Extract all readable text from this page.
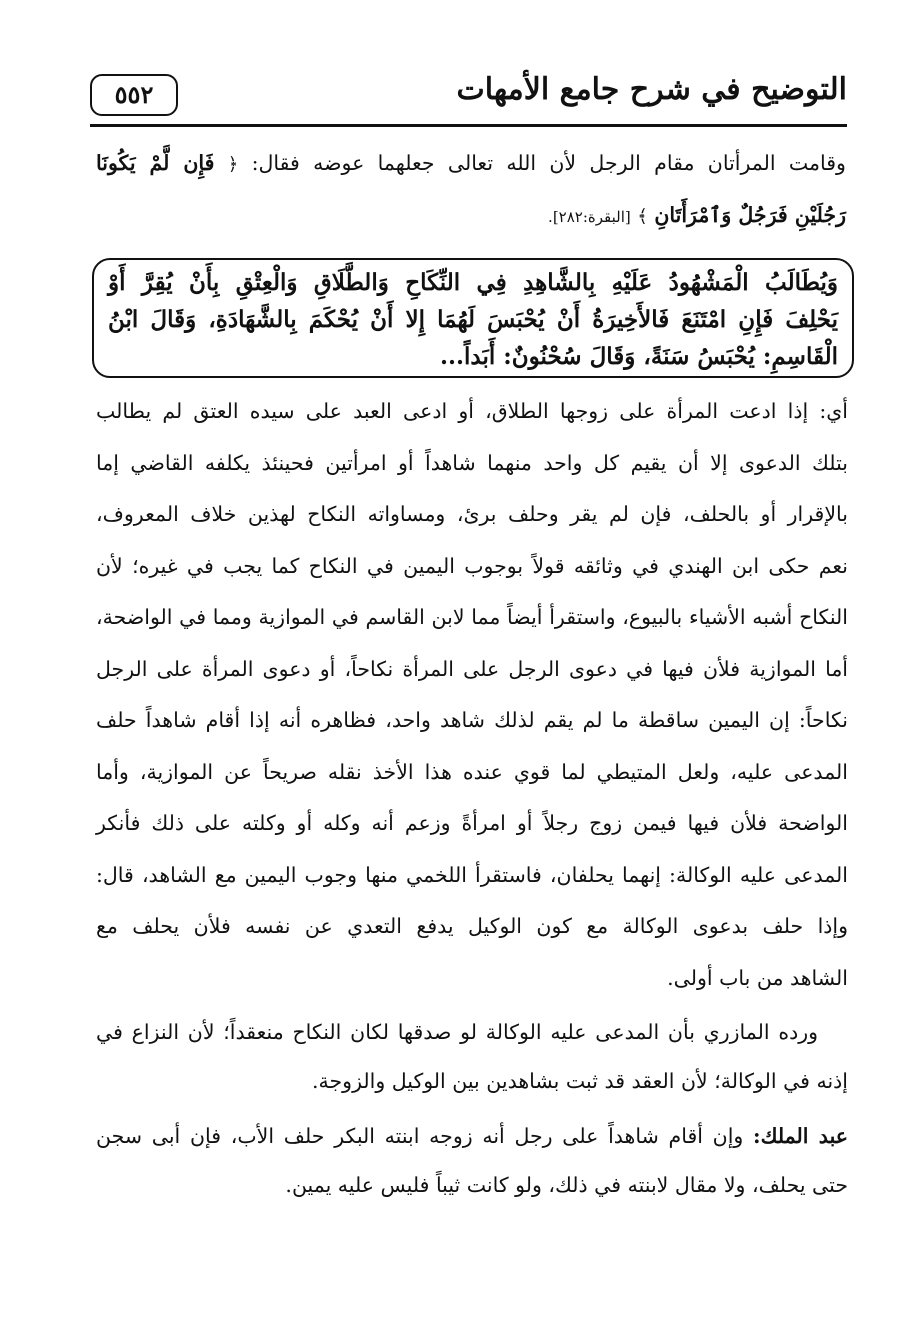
التوضيح في شرح جامع الأمهات
٥٥٢
وقامت المرأتان مقام الرجل لأن الله تعالى جعلهما عوضه فقال: ﴿ فَإِن لَّمْ يَكُونَا
رَجُلَيْنِ فَرَجُلٌ وَٱمْرَأَتَانِ ﴾ [البقرة:٢٨٢].
وَيُطَالَبُ الْمَشْهُودُ عَلَيْهِ بِالشَّاهِدِ فِي النِّكَاحِ وَالطَّلَاقِ وَالْعِتْقِ بِأَنْ يُقِرَّ أَوْ
يَحْلِفَ فَإِنِ امْتَنَعَ فَالأَخِيرَةُ أَنْ يُحْبَسَ لَهُمَا إِلا أَنْ يُحْكَمَ بِالشَّهَادَةِ، وَقَالَ ابْنُ
الْقَاسِمِ: يُحْبَسُ سَنَةً، وَقَالَ سُحْنُونٌ: أَبَداً...
أي: إذا ادعت المرأة على زوجها الطلاق، أو ادعى العبد على سيده العتق لم يطالب
بتلك الدعوى إلا أن يقيم كل واحد منهما شاهداً أو امرأتين فحينئذ يكلفه القاضي إما
بالإقرار أو بالحلف، فإن لم يقر وحلف برئ، ومساواته النكاح لهذين خلاف المعروف،
نعم حكى ابن الهندي في وثائقه قولاً بوجوب اليمين في النكاح كما يجب في غيره؛ لأن
النكاح أشبه الأشياء بالبيوع، واستقرأ أيضاً مما لابن القاسم في الموازية ومما في الواضحة،
أما الموازية فلأن فيها في دعوى الرجل على المرأة نكاحاً، أو دعوى المرأة على الرجل
نكاحاً: إن اليمين ساقطة ما لم يقم لذلك شاهد واحد، فظاهره أنه إذا أقام شاهداً حلف
المدعى عليه، ولعل المتيطي لما قوي عنده هذا الأخذ نقله صريحاً عن الموازية، وأما
الواضحة فلأن فيها فيمن زوج رجلاً أو امرأةً وزعم أنه وكله أو وكلته على ذلك فأنكر
المدعى عليه الوكالة: إنهما يحلفان، فاستقرأ اللخمي منها وجوب اليمين مع الشاهد، قال:
وإذا حلف بدعوى الوكالة مع كون الوكيل يدفع التعدي عن نفسه فلأن يحلف مع
الشاهد من باب أولى.
ورده المازري بأن المدعى عليه الوكالة لو صدقها لكان النكاح منعقداً؛ لأن النزاع في
إذنه في الوكالة؛ لأن العقد قد ثبت بشاهدين بين الوكيل والزوجة.
عبد الملك: وإن أقام شاهداً على رجل أنه زوجه ابنته البكر حلف الأب، فإن أبى سجن
حتى يحلف، ولا مقال لابنته في ذلك، ولو كانت ثيباً فليس عليه يمين.
